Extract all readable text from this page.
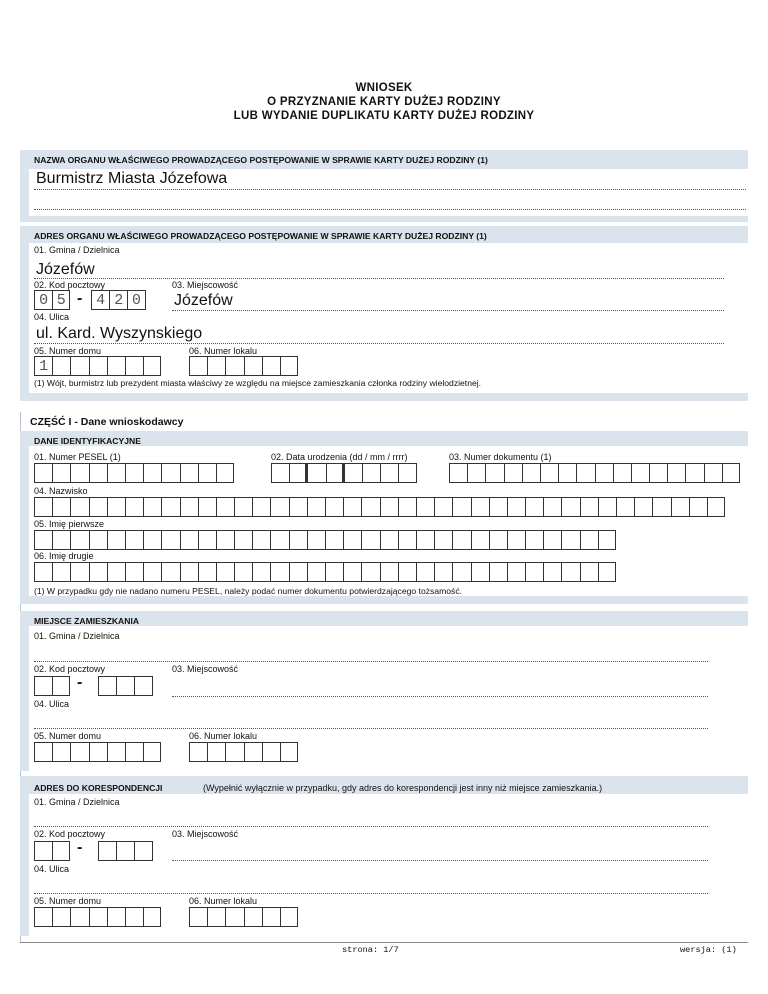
WNIOSEK
O PRZYZNANIE KARTY DUŻEJ RODZINY
LUB WYDANIE DUPLIKATU KARTY DUŻEJ RODZINY
NAZWA ORGANU WŁAŚCIWEGO PROWADZĄCEGO POSTĘPOWANIE W SPRAWIE KARTY DUŻEJ RODZINY (1)
Burmistrz Miasta Józefowa
ADRES ORGANU WŁAŚCIWEGO PROWADZĄCEGO POSTĘPOWANIE W SPRAWIE KARTY DUŻEJ RODZINY (1)
01. Gmina / Dzielnica
Józefów
02. Kod pocztowy
0 5 - 4 2 0
03. Miejscowość
Józefów
04. Ulica
ul. Kard. Wyszynskiego
05. Numer domu
1
06. Numer lokalu
(1) Wójt, burmistrz lub prezydent miasta właściwy ze względu na miejsce zamieszkania członka rodziny wielodzietnej.
CZĘŚĆ I - Dane wnioskodawcy
DANE IDENTYFIKACYJNE
01. Numer PESEL (1)	02. Data urodzenia (dd / mm / rrrr)	03. Numer dokumentu (1)
04. Nazwisko
05. Imię pierwsze
06. Imię drugie
(1) W przypadku gdy nie nadano numeru PESEL, należy podać numer dokumentu potwierdzającego tożsamość.
MIEJSCE ZAMIESZKANIA
01. Gmina / Dzielnica
02. Kod pocztowy
-
03. Miejscowość
04. Ulica
05. Numer domu	06. Numer lokalu
ADRES DO KORESPONDENCJI	(Wypełnić wyłącznie w przypadku, gdy adres do korespondencji jest inny niż miejsce zamieszkania.)
01. Gmina / Dzielnica
02. Kod pocztowy
-
03. Miejscowość
04. Ulica
05. Numer domu	06. Numer lokalu
strona: 1/7	wersja: (1)
